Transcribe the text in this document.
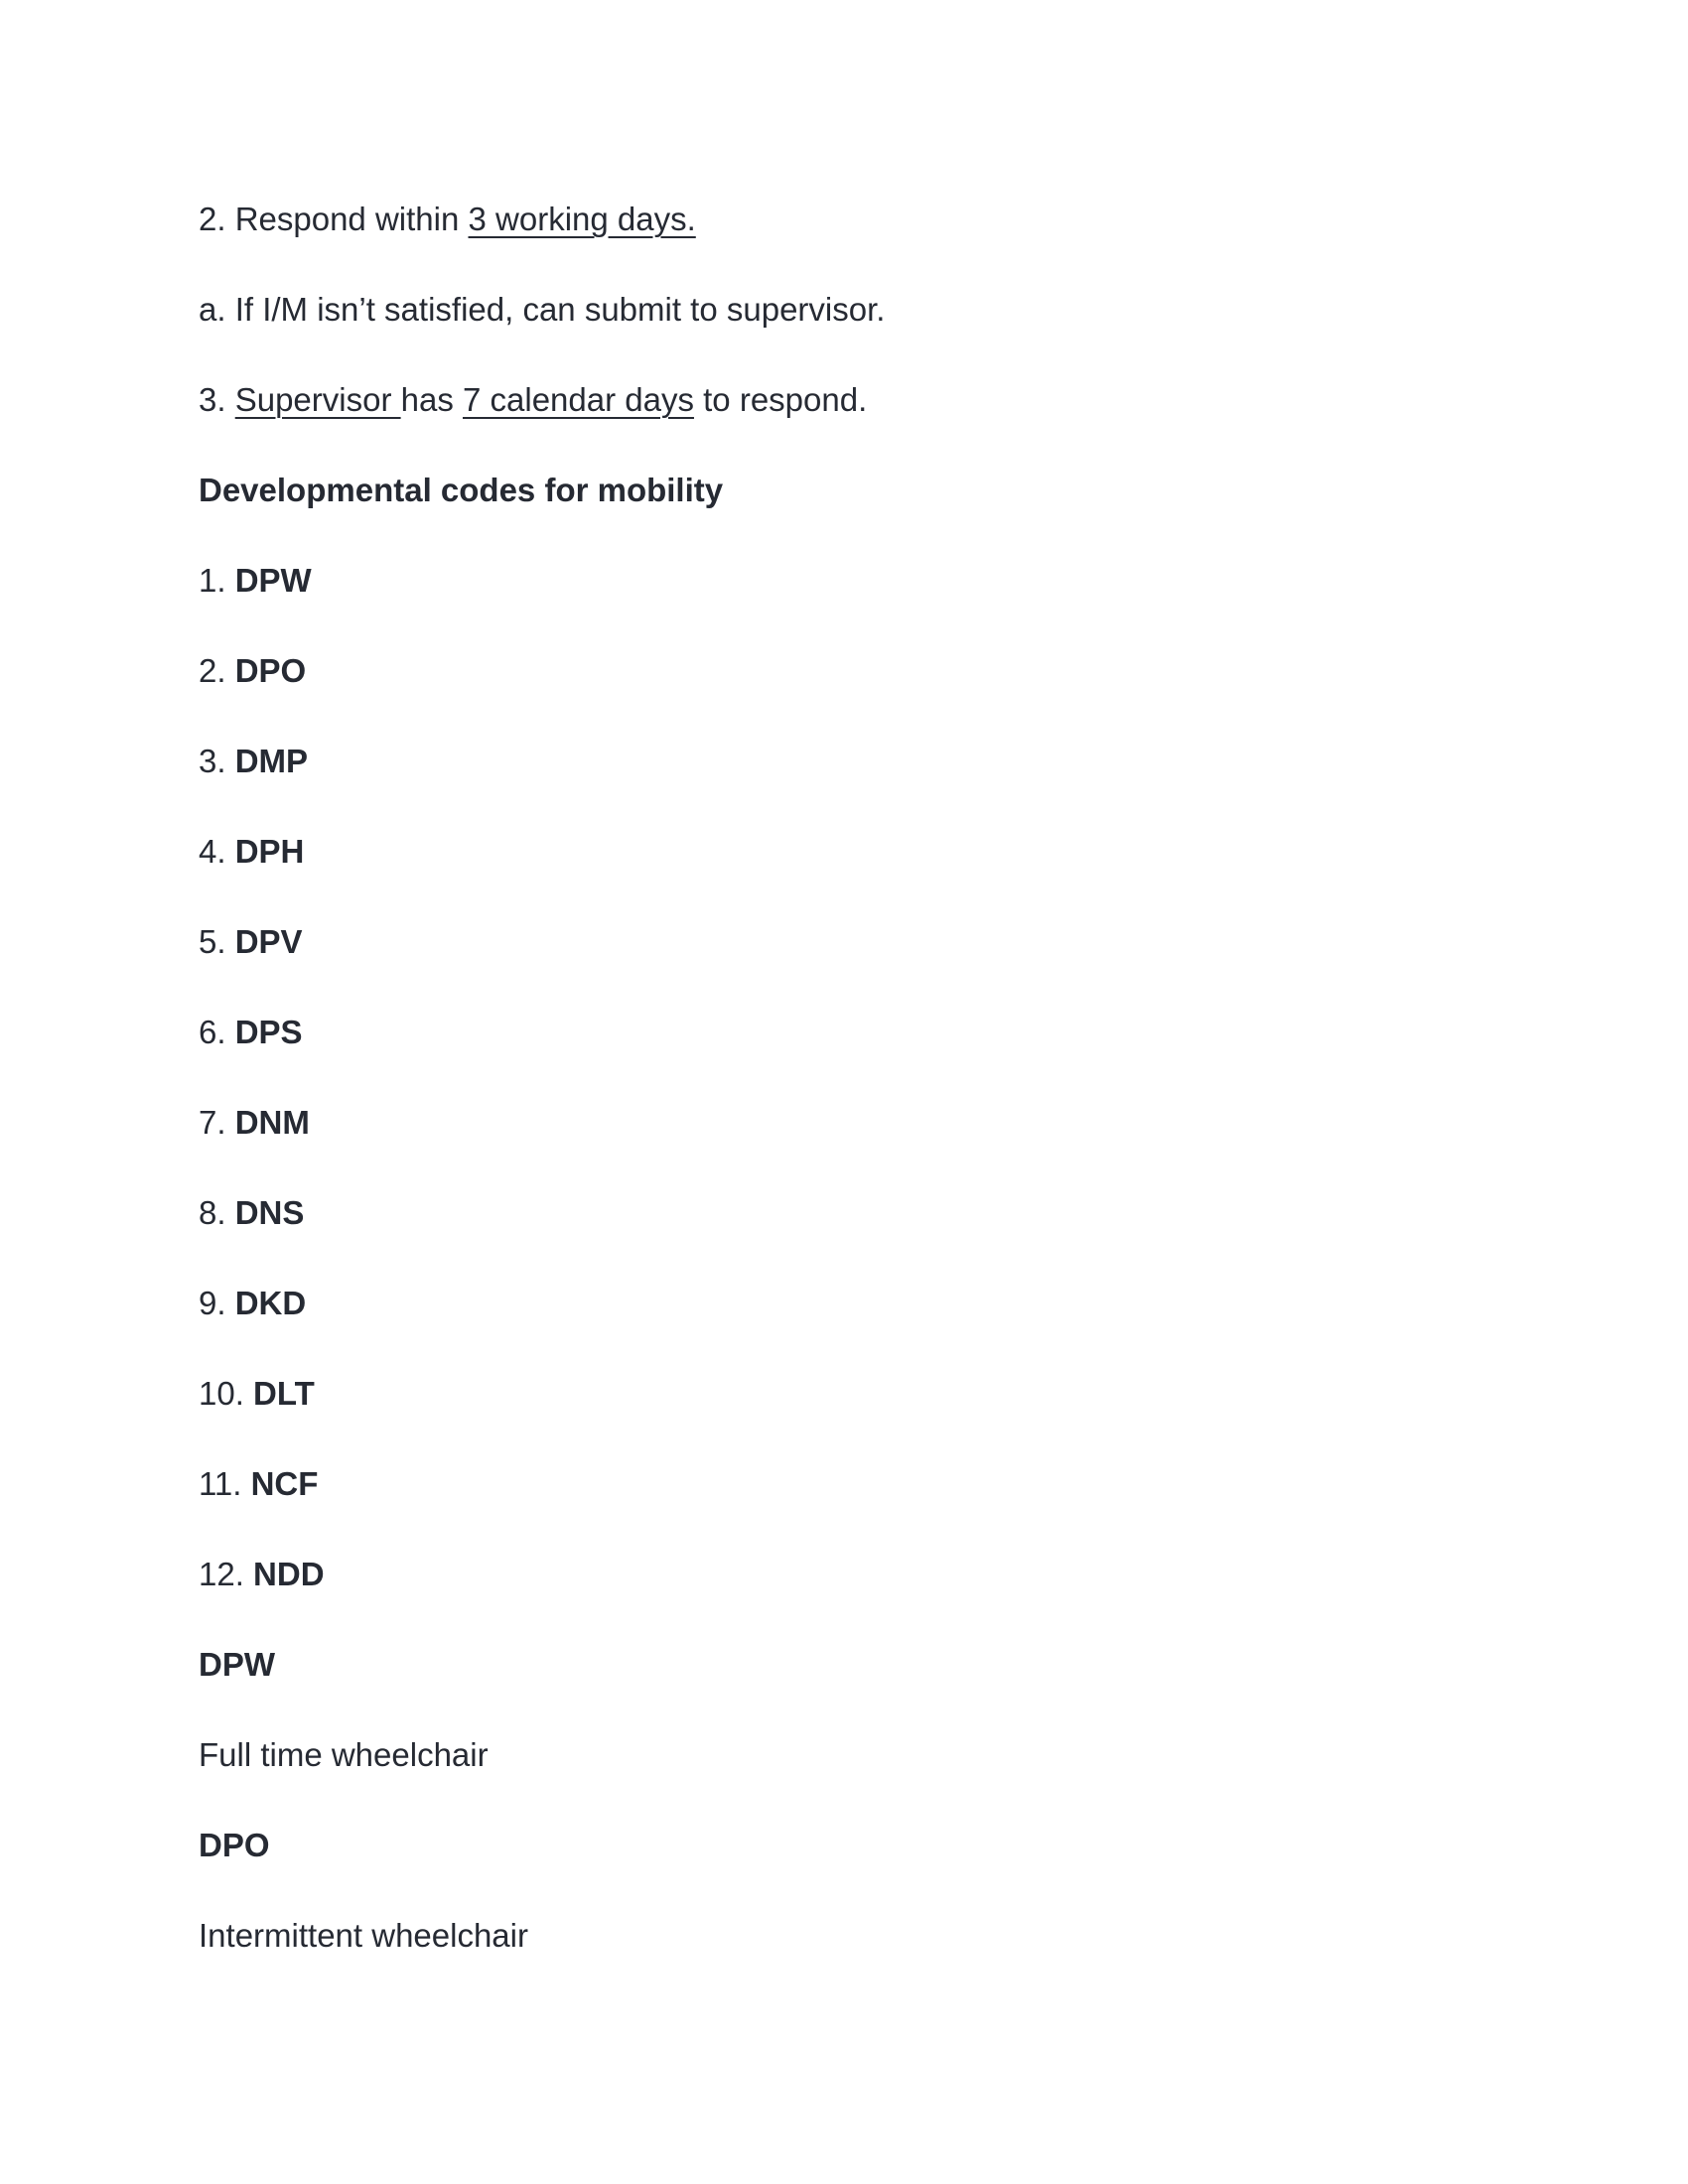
2. Respond within 3 working days.
a. If I/M isn’t satisfied, can submit to supervisor.
3. Supervisor has 7 calendar days to respond.
Developmental codes for mobility
1. DPW
2. DPO
3. DMP
4. DPH
5. DPV
6. DPS
7. DNM
8. DNS
9. DKD
10. DLT
11. NCF
12. NDD
DPW
Full time wheelchair
DPO
Intermittent wheelchair
